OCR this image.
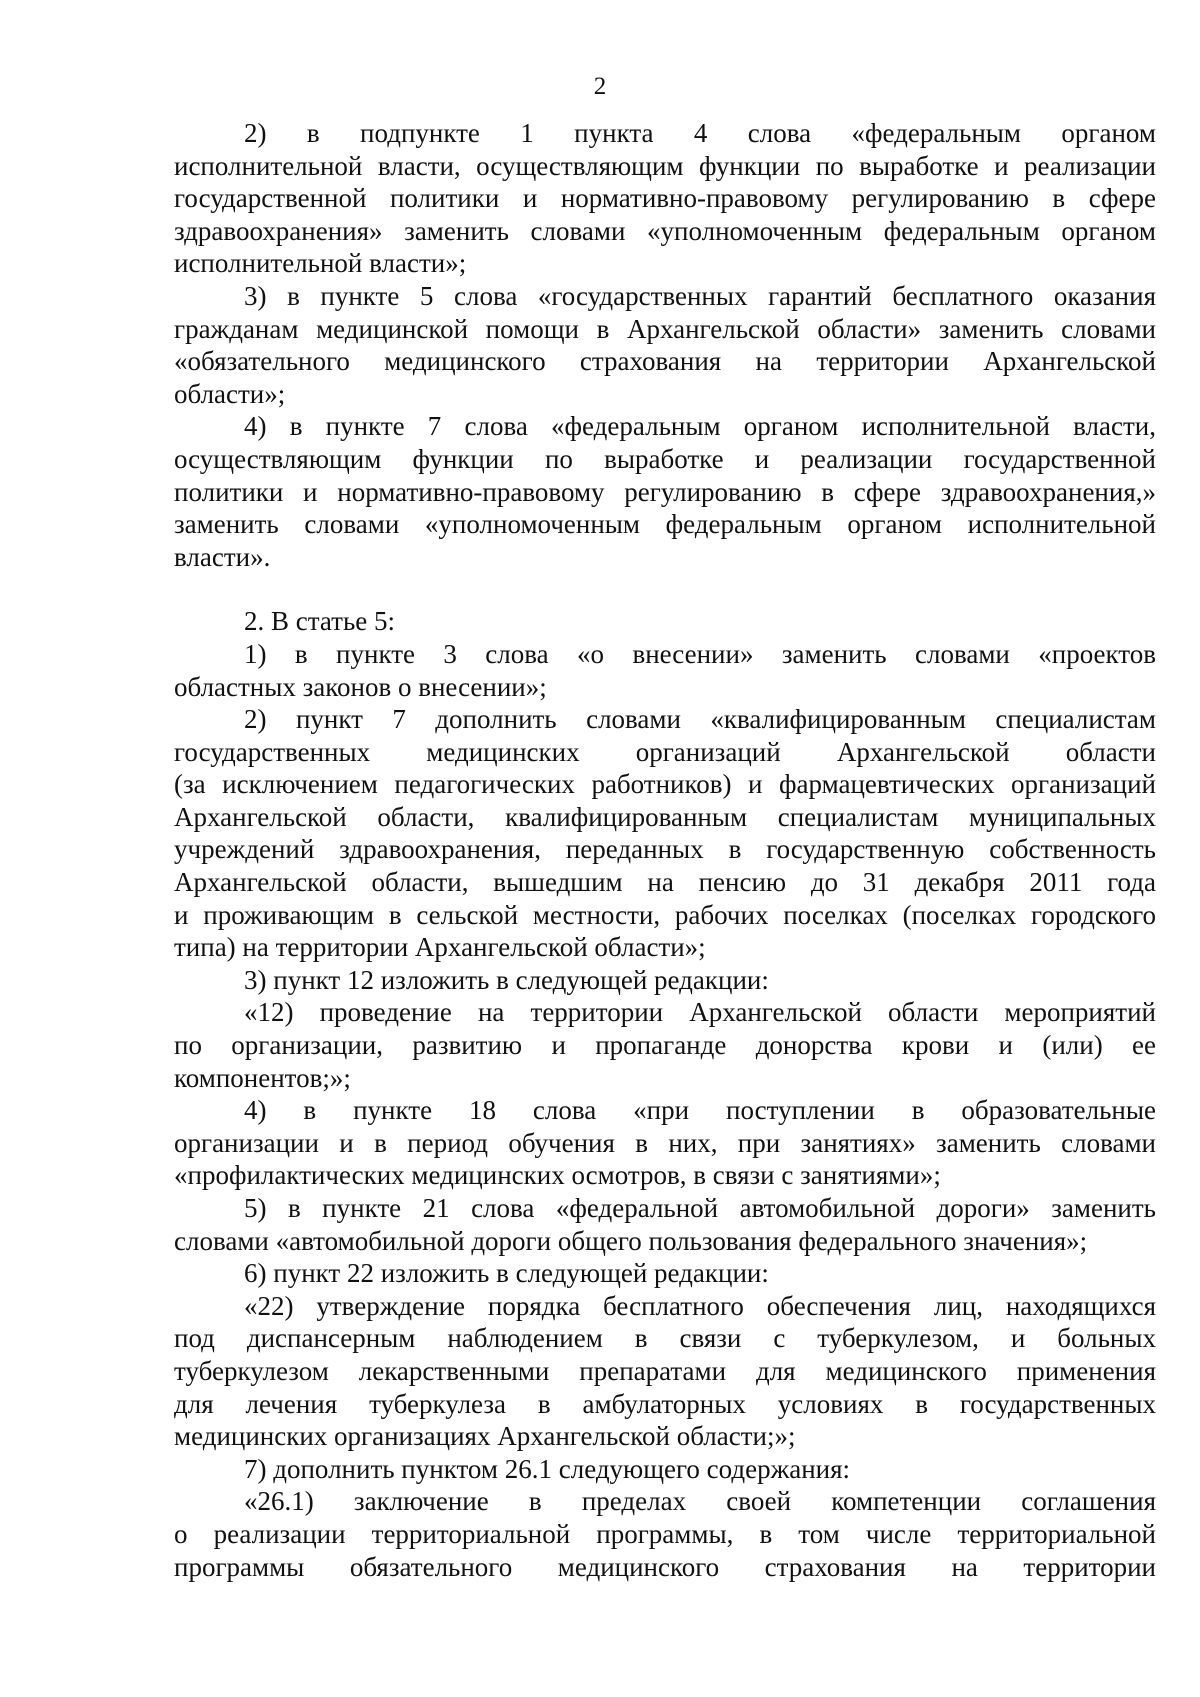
2
2) в подпункте 1 пункта 4 слова «федеральным органом
исполнительной власти, осуществляющим функции по выработке и реализации
государственной политики и нормативно-правовому регулированию в сфере
здравоохранения» заменить словами «уполномоченным федеральным органом
исполнительной власти»;
3) в пункте 5 слова «государственных гарантий бесплатного оказания
гражданам медицинской помощи в Архангельской области» заменить словами
«обязательного медицинского страхования на территории Архангельской
области»;
4) в пункте 7 слова «федеральным органом исполнительной власти,
осуществляющим функции по выработке и реализации государственной
политики и нормативно-правовому регулированию в сфере здравоохранения,»
заменить словами «уполномоченным федеральным органом исполнительной
власти».
2. В статье 5:
1) в пункте 3 слова «о внесении» заменить словами «проектов
областных законов о внесении»;
2) пункт 7 дополнить словами «квалифицированным специалистам
государственных медицинских организаций Архангельской области
(за исключением педагогических работников) и фармацевтических организаций
Архангельской области, квалифицированным специалистам муниципальных
учреждений здравоохранения, переданных в государственную собственность
Архангельской области, вышедшим на пенсию до 31 декабря 2011 года
и проживающим в сельской местности, рабочих поселках (поселках городского
типа) на территории Архангельской области»;
3) пункт 12 изложить в следующей редакции:
«12) проведение на территории Архангельской области мероприятий
по организации, развитию и пропаганде донорства крови и (или) ее
компонентов;»;
4) в пункте 18 слова «при поступлении в образовательные
организации и в период обучения в них, при занятиях» заменить словами
«профилактических медицинских осмотров, в связи с занятиями»;
5) в пункте 21 слова «федеральной автомобильной дороги» заменить
словами «автомобильной дороги общего пользования федерального значения»;
6) пункт 22 изложить в следующей редакции:
«22) утверждение порядка бесплатного обеспечения лиц, находящихся
под диспансерным наблюдением в связи с туберкулезом, и больных
туберкулезом лекарственными препаратами для медицинского применения
для лечения туберкулеза в амбулаторных условиях в государственных
медицинских организациях Архангельской области;»;
7) дополнить пунктом 26.1 следующего содержания:
«26.1) заключение в пределах своей компетенции соглашения
о реализации территориальной программы, в том числе территориальной
программы обязательного медицинского страхования на территории
